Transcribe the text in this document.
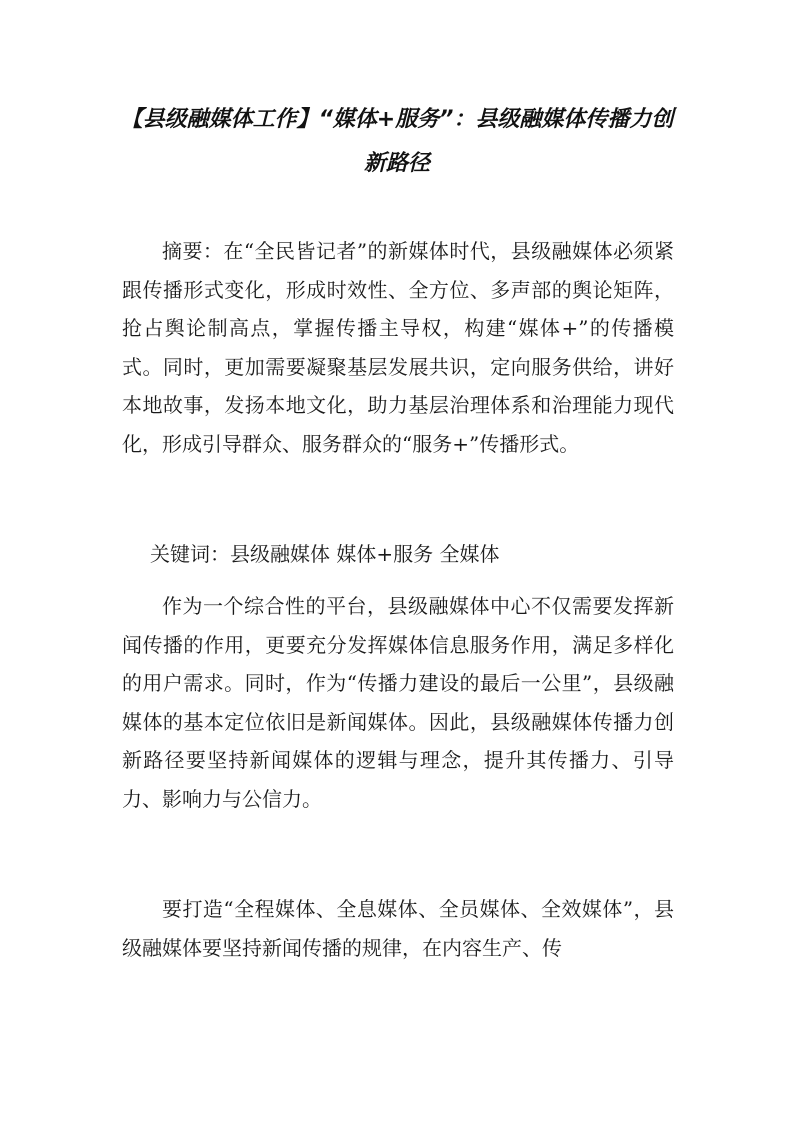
【县级融媒体工作】“媒体+服务”：县级融媒体传播力创新路径

摘要：在“全民皆记者”的新媒体时代，县级融媒体必须紧跟传播形式变化，形成时效性、全方位、多声部的舆论矩阵，抢占舆论制高点，掌握传播主导权，构建“媒体+”的传播模式。同时，更加需要凝聚基层发展共识，定向服务供给，讲好本地故事，发扬本地文化，助力基层治理体系和治理能力现代化，形成引导群众、服务群众的“服务+”传播形式。

关键词：县级融媒体 媒体+服务 全媒体

作为一个综合性的平台，县级融媒体中心不仅需要发挥新闻传播的作用，更要充分发挥媒体信息服务作用，满足多样化的用户需求。同时，作为“传播力建设的最后一公里”，县级融媒体的基本定位依旧是新闻媒体。因此，县级融媒体传播力创新路径要坚持新闻媒体的逻辑与理念，提升其传播力、引导力、影响力与公信力。

要打造“全程媒体、全息媒体、全员媒体、全效媒体”，县级融媒体要坚持新闻传播的规律，在内容生产、传
